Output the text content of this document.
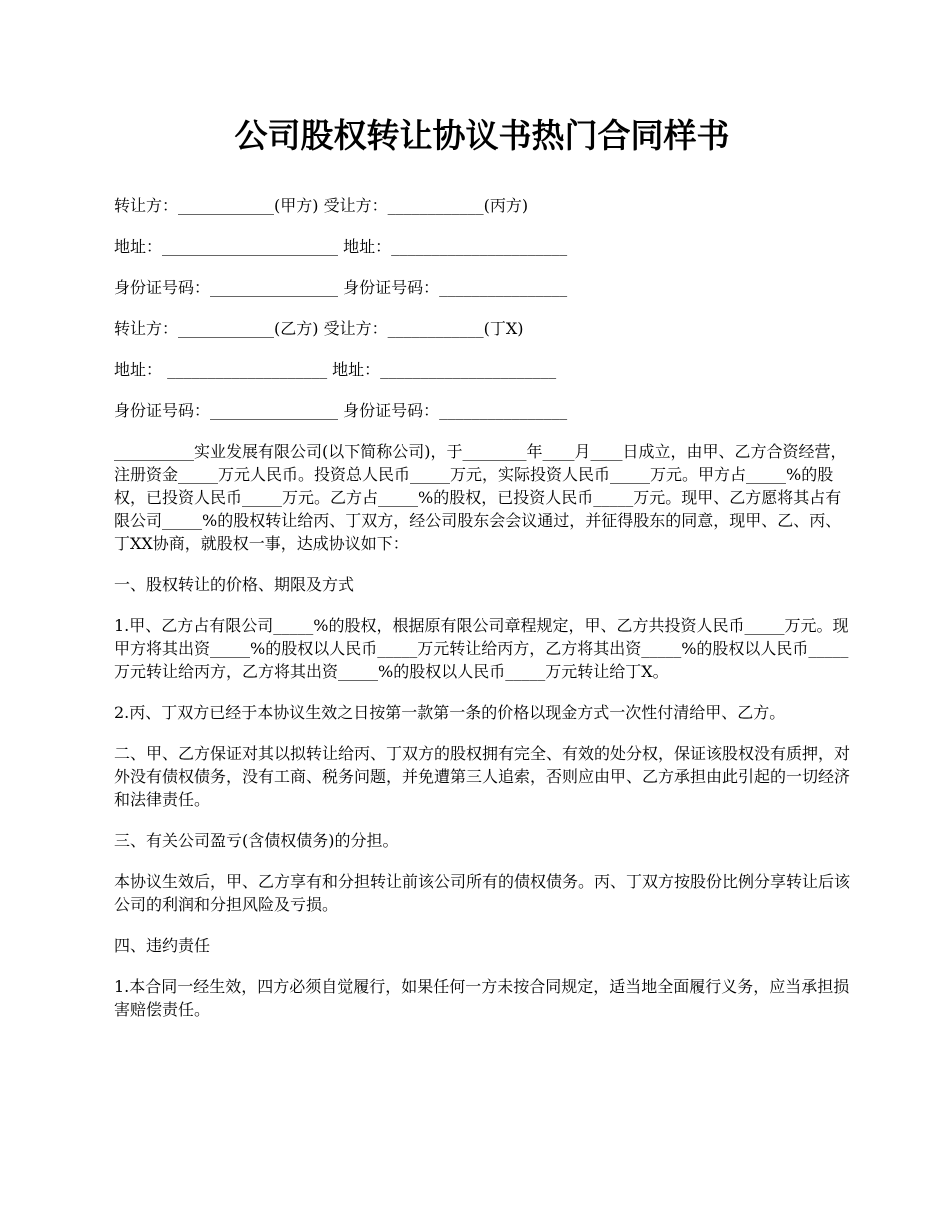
公司股权转让协议书热门合同样书
转让方：____________(甲方) 受让方：____________(丙方)
地址：______________________ 地址：______________________
身份证号码：________________ 身份证号码：________________
转让方：____________(乙方) 受让方：____________(丁X)
地址： ____________________ 地址：______________________
身份证号码：________________ 身份证号码：________________

__________实业发展有限公司(以下简称公司)，于________年____月____日成立，由甲、乙方合资经营，注册资金_____万元人民币。投资总人民币_____万元，实际投资人民币_____万元。甲方占_____%的股权，已投资人民币_____万元。乙方占_____%的股权，已投资人民币_____万元。现甲、乙方愿将其占有限公司_____%的股权转让给丙、丁双方，经公司股东会会议通过，并征得股东的同意，现甲、乙、丙、丁XX协商，就股权一事，达成协议如下：

一、股权转让的价格、期限及方式

1.甲、乙方占有限公司_____%的股权，根据原有限公司章程规定，甲、乙方共投资人民币_____万元。现甲方将其出资_____%的股权以人民币_____万元转让给丙方，乙方将其出资_____%的股权以人民币_____万元转让给丙方，乙方将其出资_____%的股权以人民币_____万元转让给丁X。

2.丙、丁双方已经于本协议生效之日按第一款第一条的价格以现金方式一次性付清给甲、乙方。

二、甲、乙方保证对其以拟转让给丙、丁双方的股权拥有完全、有效的处分权，保证该股权没有质押，对外没有债权债务，没有工商、税务问题，并免遭第三人追索，否则应由甲、乙方承担由此引起的一切经济和法律责任。

三、有关公司盈亏(含债权债务)的分担。

本协议生效后，甲、乙方享有和分担转让前该公司所有的债权债务。丙、丁双方按股份比例分享转让后该公司的利润和分担风险及亏损。

四、违约责任

1.本合同一经生效，四方必须自觉履行，如果任何一方未按合同规定，适当地全面履行义务，应当承担损害赔偿责任。
